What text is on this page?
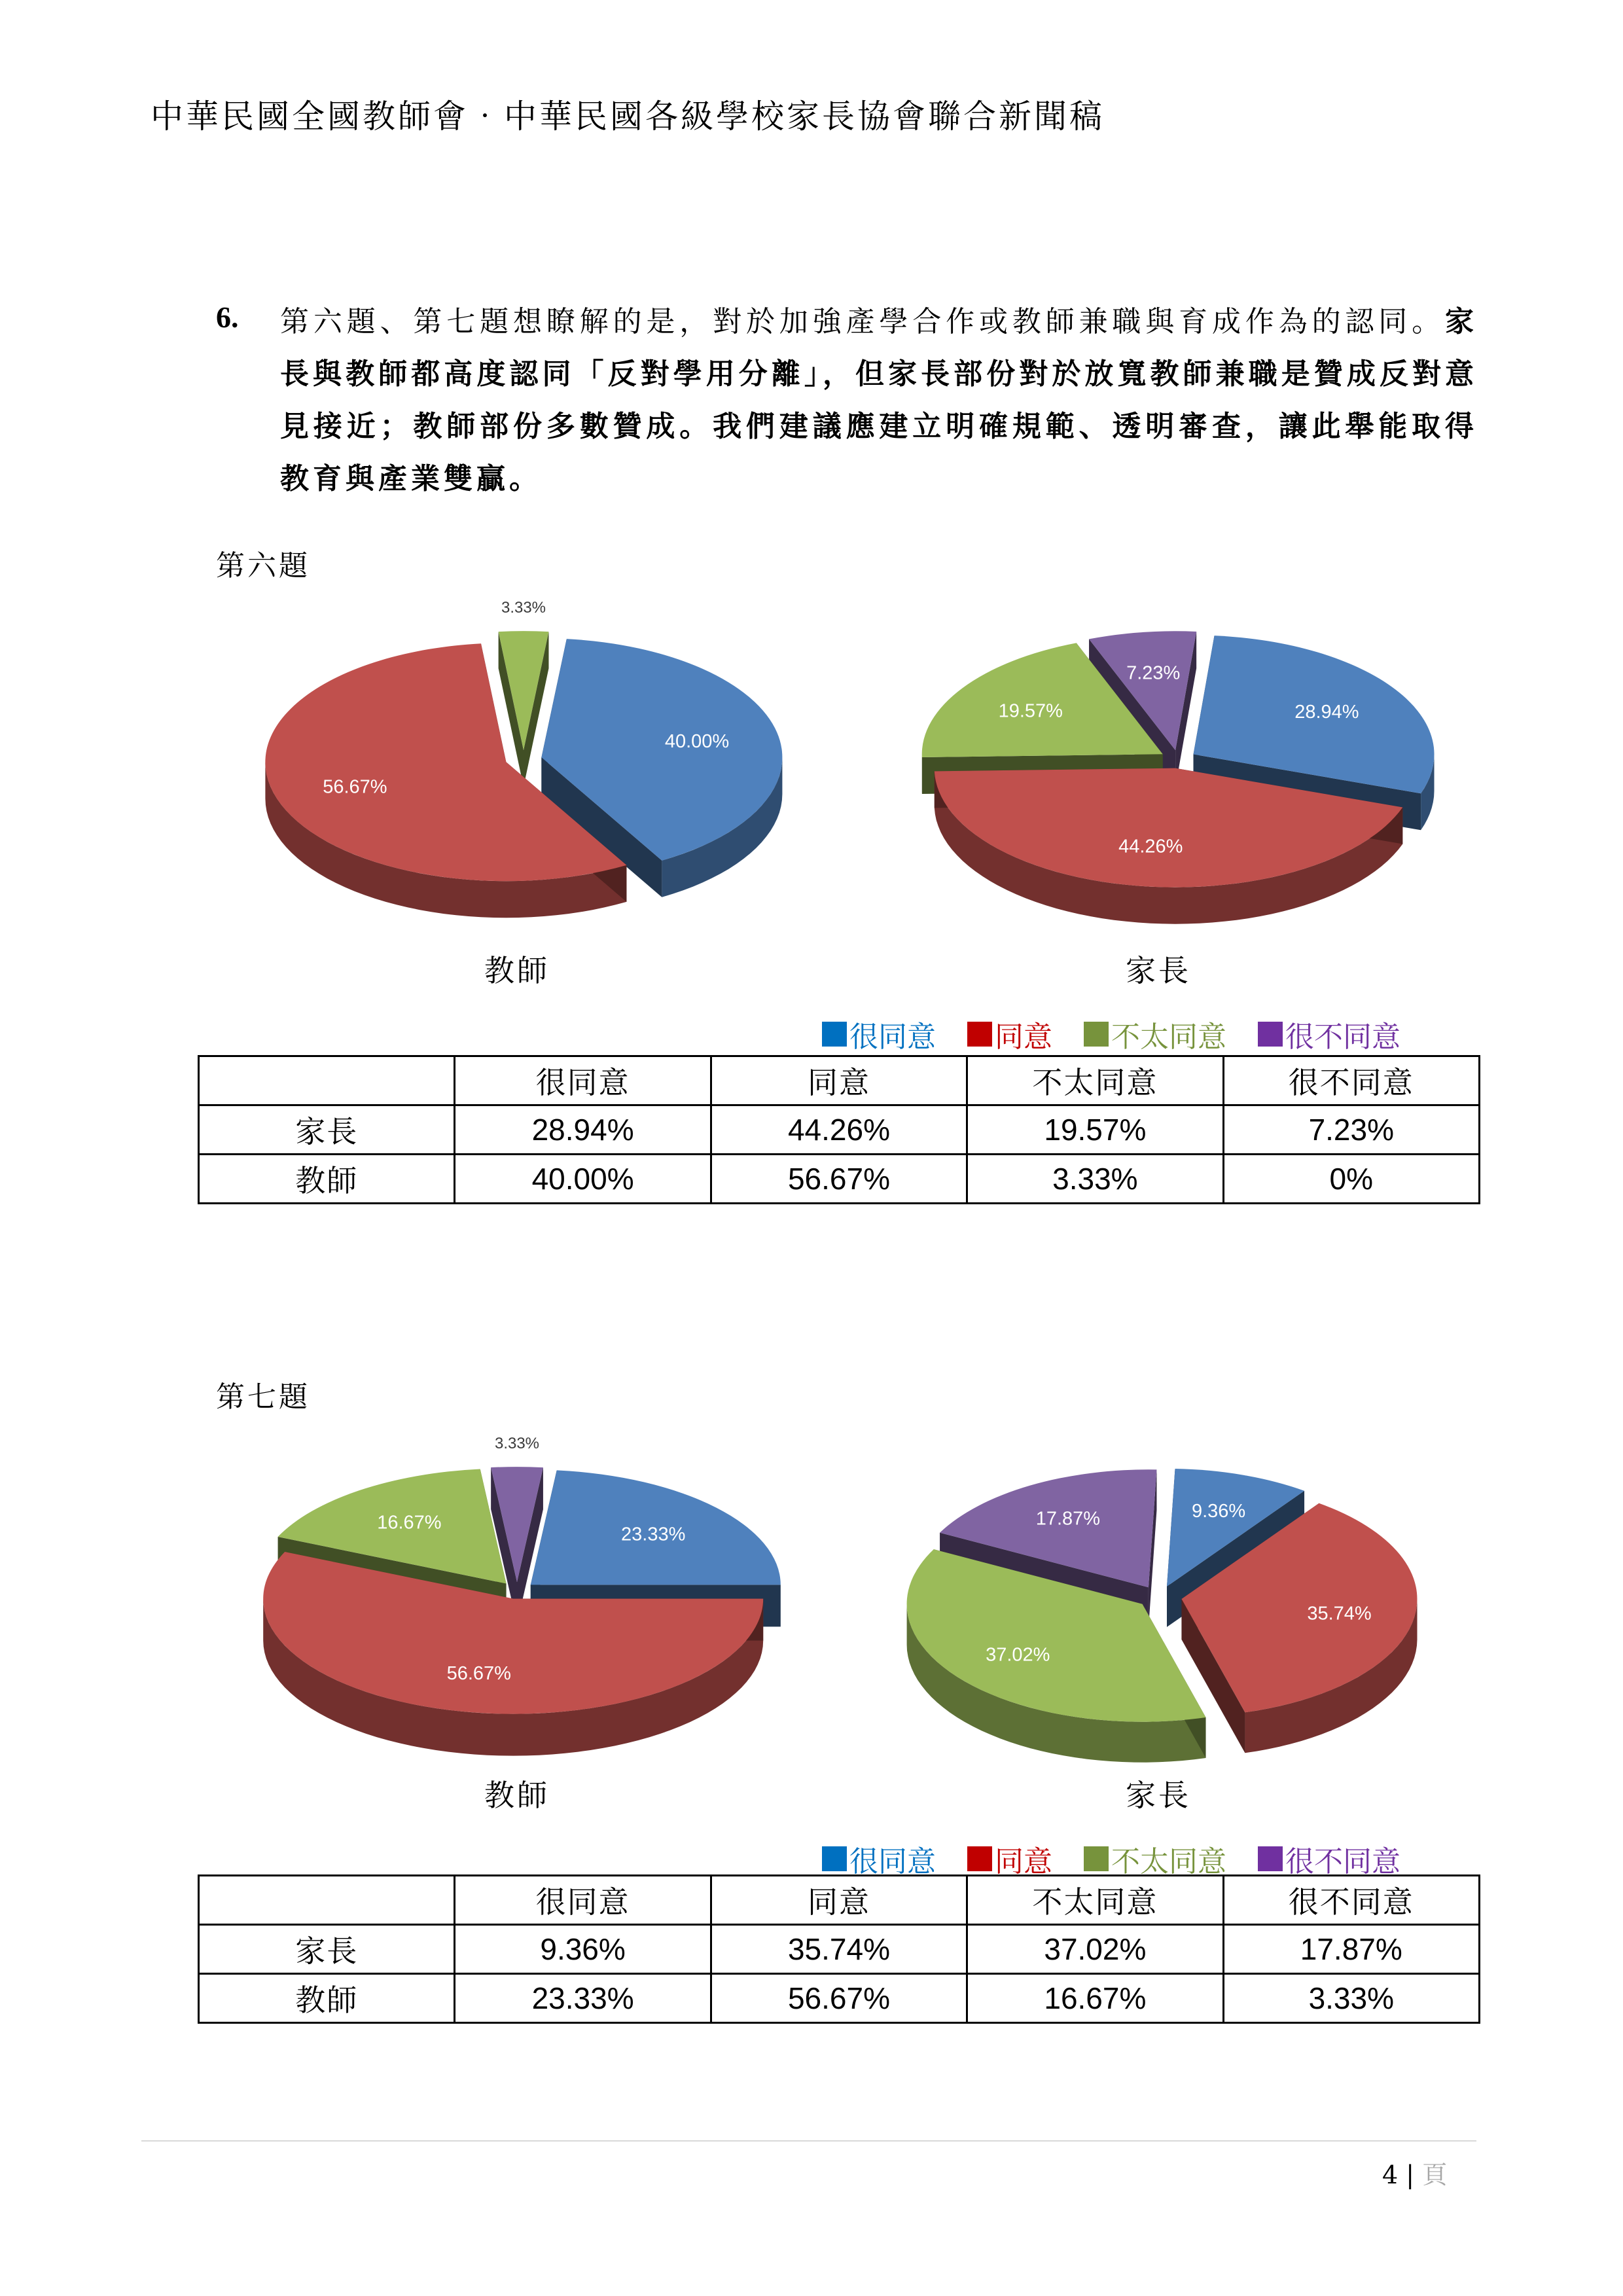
中華民國全國教師會‧中華民國各級學校家長協會聯合新聞稿
6. 第六題、第七題想瞭解的是，對於加強產學合作或教師兼職與育成作為的認同。家長與教師都高度認同「反對學用分離」，但家長部份對於放寬教師兼職是贊成反對意見接近；教師部份多數贊成。我們建議應建立明確規範、透明審查，讓此舉能取得教育與產業雙贏。
第六題
40.00%
56.67%
3.33%
28.94%
44.26%
19.57%
7.23%
教師	家長
很同意 同意 不太同意 很不同意
	很同意	同意	不太同意	很不同意
家長	28.94%	44.26%	19.57%	7.23%
教師	40.00%	56.67%	3.33%	0%
第七題
23.33%
56.67%
16.67%
3.33%
9.36%
35.74%
37.02%
17.87%
教師	家長
很同意 同意 不太同意 很不同意
	很同意	同意	不太同意	很不同意
家長	9.36%	35.74%	37.02%	17.87%
教師	23.33%	56.67%	16.67%	3.33%
4 | 頁
